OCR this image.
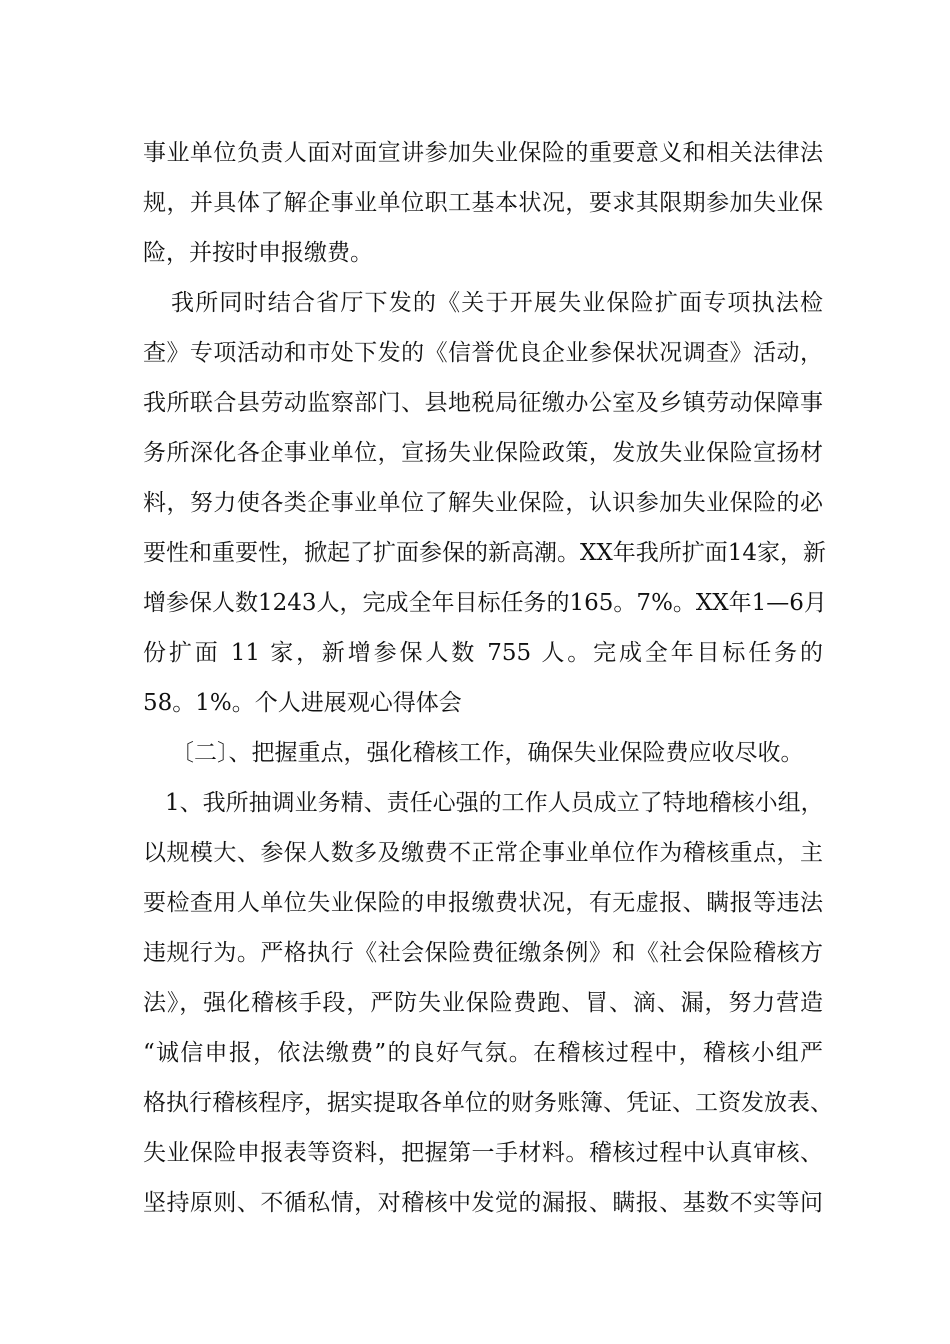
事业单位负责人面对面宣讲参加失业保险的重要意义和相关法律法
规，并具体了解企事业单位职工基本状况，要求其限期参加失业保
险，并按时申报缴费。
我所同时结合省厅下发的《关于开展失业保险扩面专项执法检
查》专项活动和市处下发的《信誉优良企业参保状况调查》活动，
我所联合县劳动监察部门、县地税局征缴办公室及乡镇劳动保障事
务所深化各企事业单位，宣扬失业保险政策，发放失业保险宣扬材
料，努力使各类企事业单位了解失业保险，认识参加失业保险的必
要性和重要性，掀起了扩面参保的新高潮。XX年我所扩面14家，新
增参保人数1243人，完成全年目标任务的165。7%。XX年1—6月
份扩面 11 家，新增参保人数 755 人。完成全年目标任务的
58。1%。个人进展观心得体会
〔二〕、把握重点，强化稽核工作，确保失业保险费应收尽收。
1、我所抽调业务精、责任心强的工作人员成立了特地稽核小组，
以规模大、参保人数多及缴费不正常企事业单位作为稽核重点，主
要检查用人单位失业保险的申报缴费状况，有无虚报、瞒报等违法
违规行为。严格执行《社会保险费征缴条例》和《社会保险稽核方
法》，强化稽核手段，严防失业保险费跑、冒、滴、漏，努力营造
“诚信申报，依法缴费”的良好气氛。在稽核过程中，稽核小组严
格执行稽核程序，据实提取各单位的财务账簿、凭证、工资发放表、
失业保险申报表等资料，把握第一手材料。稽核过程中认真审核、
坚持原则、不循私情，对稽核中发觉的漏报、瞒报、基数不实等问
